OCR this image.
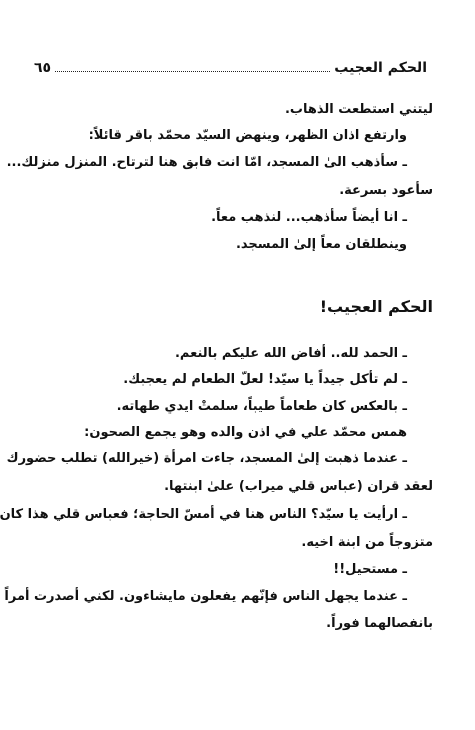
الحكم العجيب
٦٥
ليتني استطعت الذهاب.
وارتفع اذان الظهر، وينهض السيّد محمّد باقر قائلاً:
ـ سأذهب الىٰ المسجد، امّا انت فابق هنا لترتاح. المنزل منزلك...
سأعود بسرعة.
ـ انا أيضاً سأذهب... لنذهب معاً.
وينطلقان معاً إلىٰ المسجد.
الحكم العجيب!
ـ الحمد لله.. أفاض الله عليكم بالنعم.
ـ لم تأكل جيداً يا سيّد! لعلّ الطعام لم يعجبك.
ـ بالعكس كان طعاماً طيباً، سلمتْ ايدي طهاته.
همس محمّد علي في اذن والده وهو يجمع الصحون:
ـ عندما ذهبت إلىٰ المسجد، جاءت امرأة (خيرالله) تطلب حضورك
لعقد قران (عباس قلي ميراب) علىٰ ابنتها.
ـ ارأيت يا سيّد؟ الناس هنا في أمسّ الحاجة؛ فعباس قلي هذا كان
متزوجاً من ابنة اخيه.
ـ مستحيل!!
ـ عندما يجهل الناس فإنّهم يفعلون مايشاءون. لكني أصدرت أمراً
بانفصالهما فوراً.
